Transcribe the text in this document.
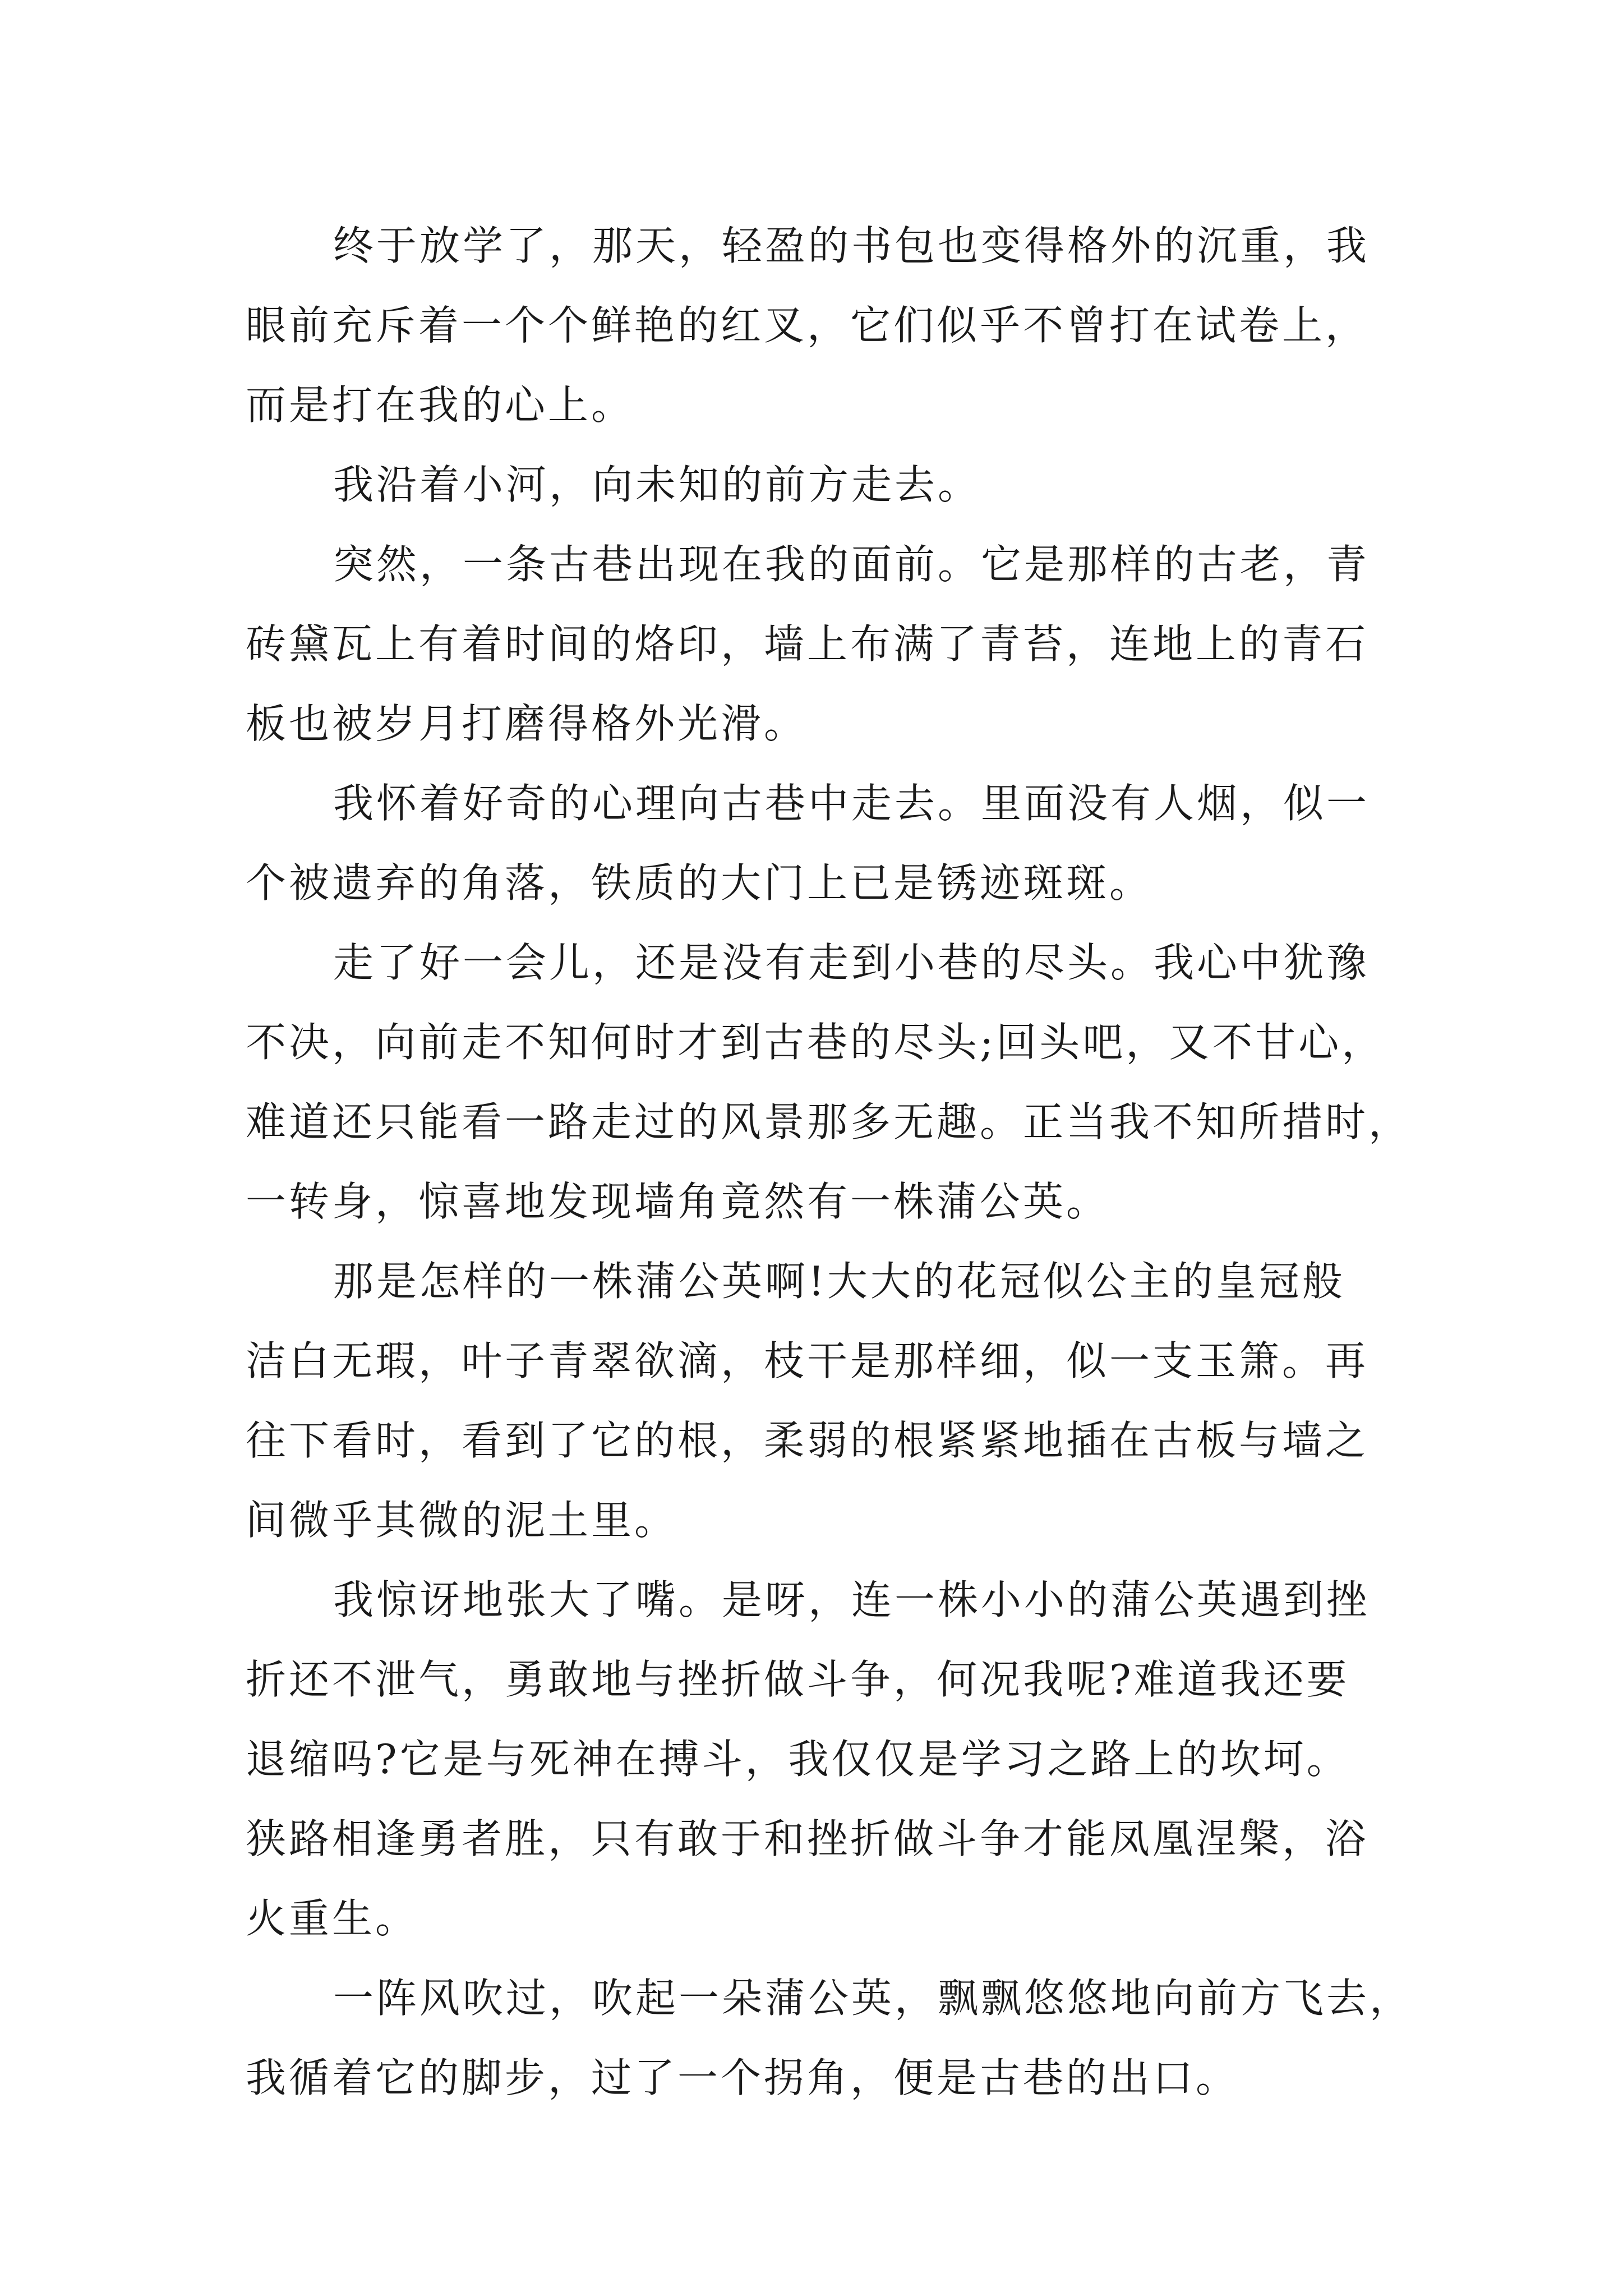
终于放学了，那天，轻盈的书包也变得格外的沉重，我
眼前充斥着一个个鲜艳的红叉，它们似乎不曾打在试卷上，
而是打在我的心上。
我沿着小河，向未知的前方走去。
突然，一条古巷出现在我的面前。它是那样的古老，青
砖黛瓦上有着时间的烙印，墙上布满了青苔，连地上的青石
板也被岁月打磨得格外光滑。
我怀着好奇的心理向古巷中走去。里面没有人烟，似一
个被遗弃的角落，铁质的大门上已是锈迹斑斑。
走了好一会儿，还是没有走到小巷的尽头。我心中犹豫
不决，向前走不知何时才到古巷的尽头;回头吧，又不甘心，
难道还只能看一路走过的风景那多无趣。正当我不知所措时，
一转身，惊喜地发现墙角竟然有一株蒲公英。
那是怎样的一株蒲公英啊!大大的花冠似公主的皇冠般
洁白无瑕，叶子青翠欲滴，枝干是那样细，似一支玉箫。再
往下看时，看到了它的根，柔弱的根紧紧地插在古板与墙之
间微乎其微的泥土里。
我惊讶地张大了嘴。是呀，连一株小小的蒲公英遇到挫
折还不泄气，勇敢地与挫折做斗争，何况我呢?难道我还要
退缩吗?它是与死神在搏斗，我仅仅是学习之路上的坎坷。
狭路相逢勇者胜，只有敢于和挫折做斗争才能凤凰涅槃，浴
火重生。
一阵风吹过，吹起一朵蒲公英，飘飘悠悠地向前方飞去，
我循着它的脚步，过了一个拐角，便是古巷的出口。
